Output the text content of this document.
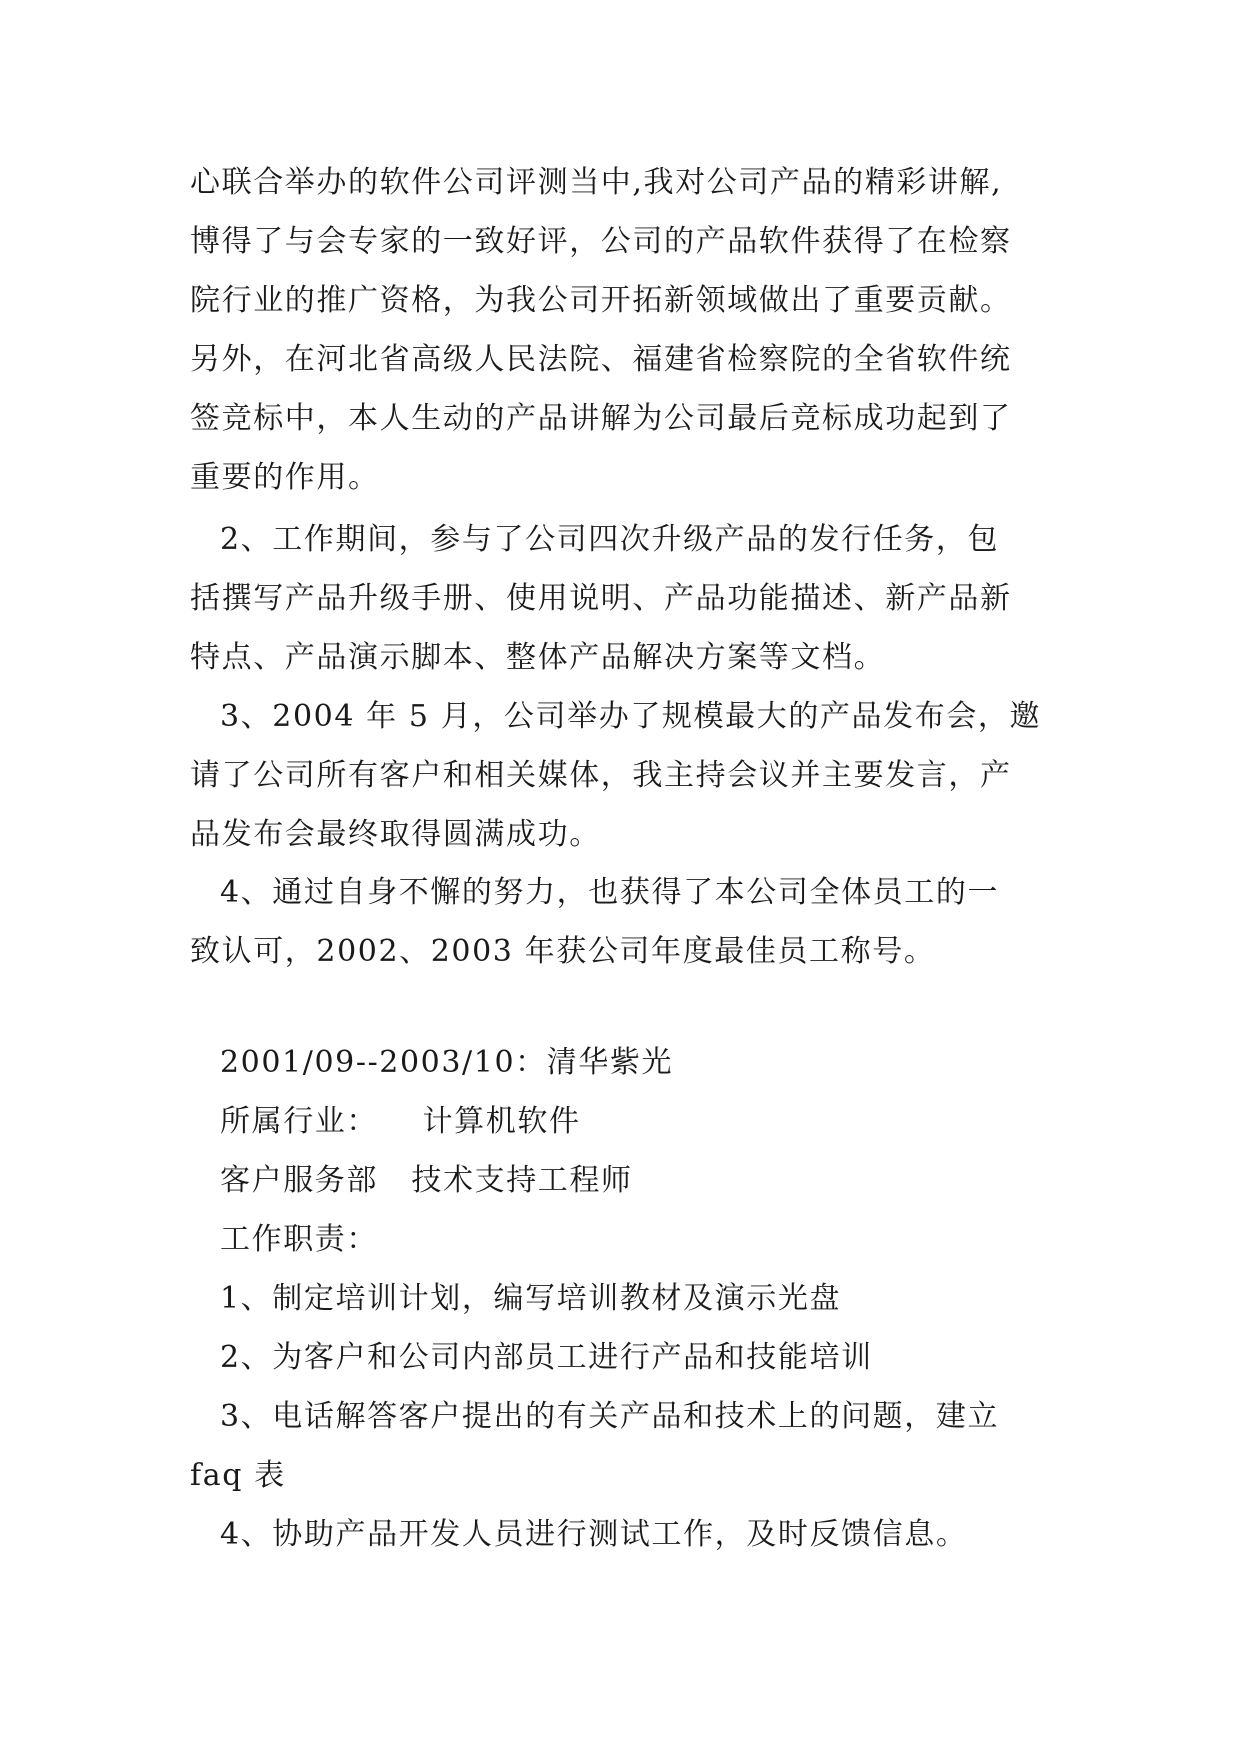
心联合举办的软件公司评测当中,我对公司产品的精彩讲解,
博得了与会专家的一致好评，公司的产品软件获得了在检察
院行业的推广资格，为我公司开拓新领域做出了重要贡献。
另外，在河北省高级人民法院、福建省检察院的全省软件统
签竞标中，本人生动的产品讲解为公司最后竞标成功起到了
重要的作用。
2、工作期间，参与了公司四次升级产品的发行任务，包
括撰写产品升级手册、使用说明、产品功能描述、新产品新
特点、产品演示脚本、整体产品解决方案等文档。
3、2004 年 5 月，公司举办了规模最大的产品发布会，邀
请了公司所有客户和相关媒体，我主持会议并主要发言，产
品发布会最终取得圆满成功。
4、通过自身不懈的努力，也获得了本公司全体员工的一
致认可，2002、2003 年获公司年度最佳员工称号。
2001/09--2003/10：清华紫光
所属行业：    计算机软件
客户服务部   技术支持工程师
工作职责：
1、制定培训计划，编写培训教材及演示光盘
2、为客户和公司内部员工进行产品和技能培训
3、电话解答客户提出的有关产品和技术上的问题，建立
faq 表
4、协助产品开发人员进行测试工作，及时反馈信息。
